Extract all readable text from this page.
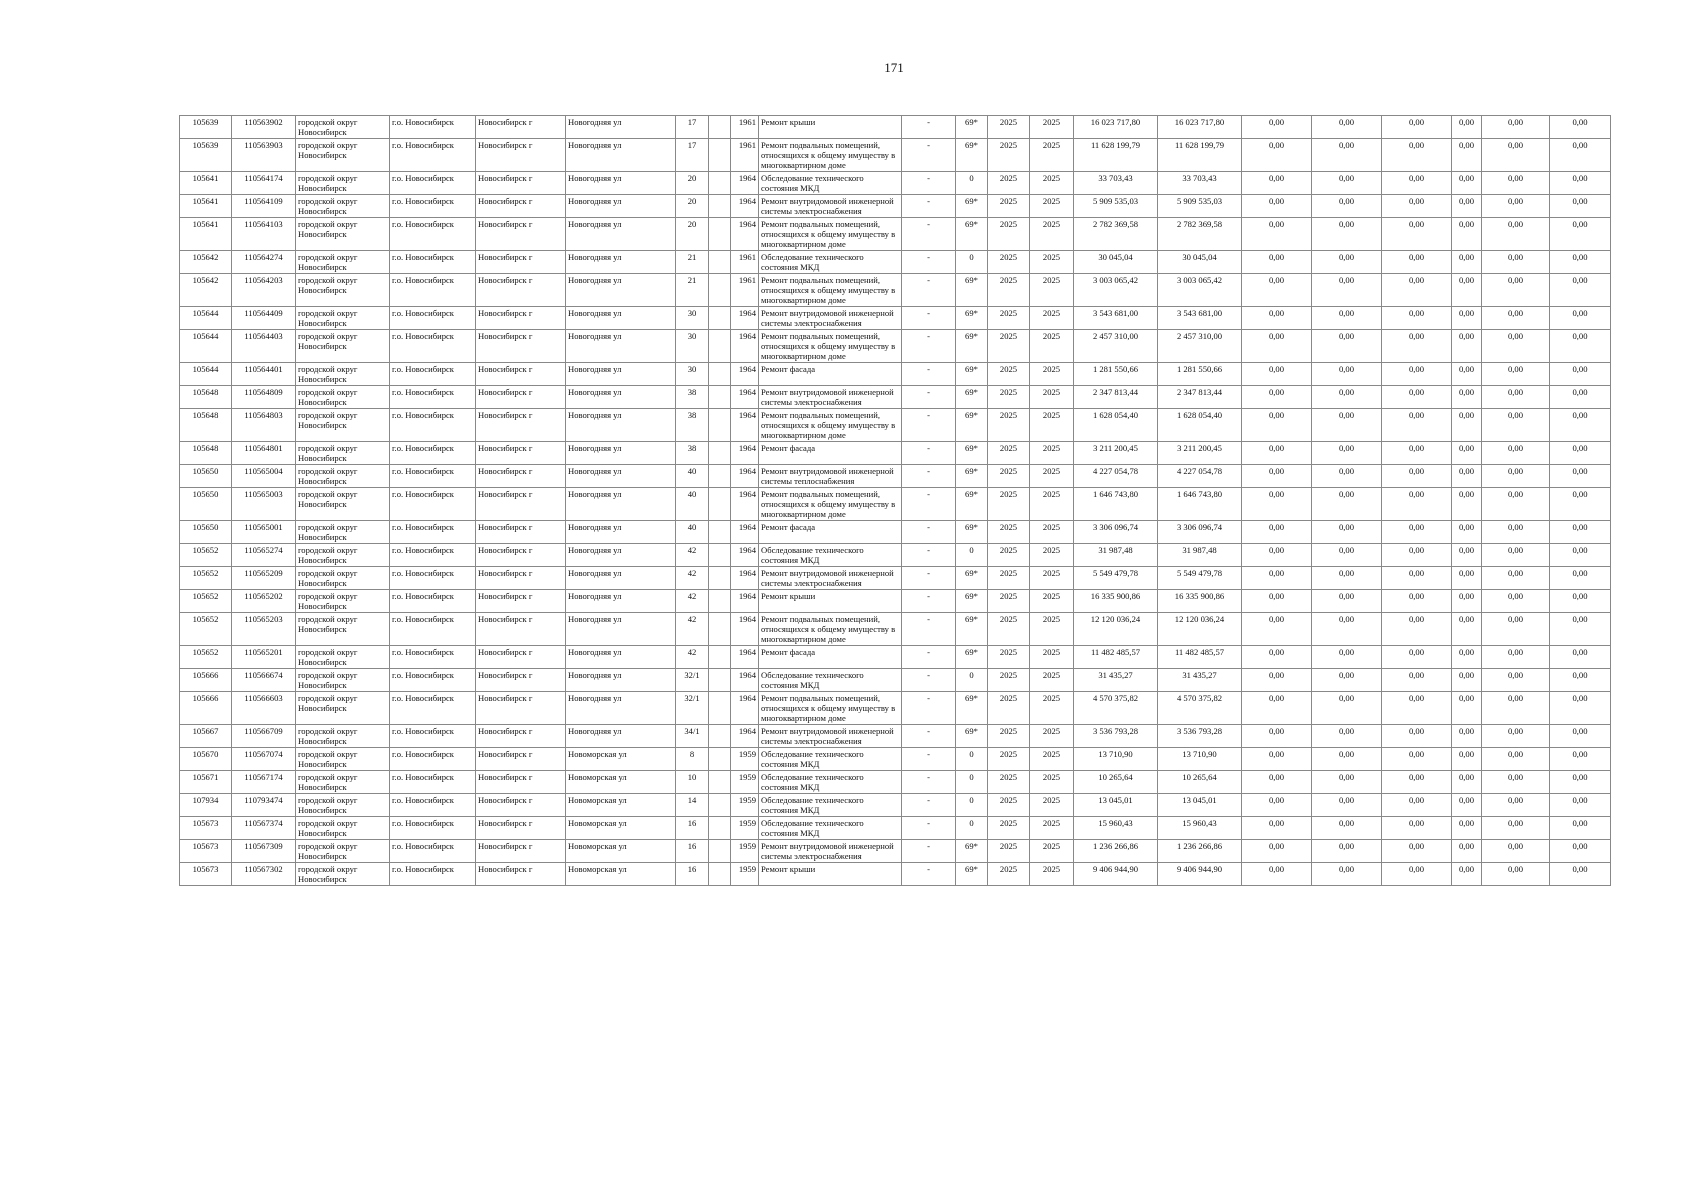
171
105639	110563902	городской округ Новосибирск	г.о. Новосибирск	Новосибирск г	Новогодняя ул	17		1961	Ремонт крыши	-	69*	2025	2025	16 023 717,80	16 023 717,80	0,00	0,00	0,00	0,00	0,00	0,00
105639	110563903	городской округ Новосибирск	г.о. Новосибирск	Новосибирск г	Новогодняя ул	17		1961	Ремонт подвальных помещений, относящихся к общему имуществу в многоквартирном доме	-	69*	2025	2025	11 628 199,79	11 628 199,79	0,00	0,00	0,00	0,00	0,00	0,00
105641	110564174	городской округ Новосибирск	г.о. Новосибирск	Новосибирск г	Новогодняя ул	20		1964	Обследование технического состояния МКД	-	0	2025	2025	33 703,43	33 703,43	0,00	0,00	0,00	0,00	0,00	0,00
105641	110564109	городской округ Новосибирск	г.о. Новосибирск	Новосибирск г	Новогодняя ул	20		1964	Ремонт внутридомовой инженерной системы электроснабжения	-	69*	2025	2025	5 909 535,03	5 909 535,03	0,00	0,00	0,00	0,00	0,00	0,00
105641	110564103	городской округ Новосибирск	г.о. Новосибирск	Новосибирск г	Новогодняя ул	20		1964	Ремонт подвальных помещений, относящихся к общему имуществу в многоквартирном доме	-	69*	2025	2025	2 782 369,58	2 782 369,58	0,00	0,00	0,00	0,00	0,00	0,00
105642	110564274	городской округ Новосибирск	г.о. Новосибирск	Новосибирск г	Новогодняя ул	21		1961	Обследование технического состояния МКД	-	0	2025	2025	30 045,04	30 045,04	0,00	0,00	0,00	0,00	0,00	0,00
105642	110564203	городской округ Новосибирск	г.о. Новосибирск	Новосибирск г	Новогодняя ул	21		1961	Ремонт подвальных помещений, относящихся к общему имуществу в многоквартирном доме	-	69*	2025	2025	3 003 065,42	3 003 065,42	0,00	0,00	0,00	0,00	0,00	0,00
105644	110564409	городской округ Новосибирск	г.о. Новосибирск	Новосибирск г	Новогодняя ул	30		1964	Ремонт внутридомовой инженерной системы электроснабжения	-	69*	2025	2025	3 543 681,00	3 543 681,00	0,00	0,00	0,00	0,00	0,00	0,00
105644	110564403	городской округ Новосибирск	г.о. Новосибирск	Новосибирск г	Новогодняя ул	30		1964	Ремонт подвальных помещений, относящихся к общему имуществу в многоквартирном доме	-	69*	2025	2025	2 457 310,00	2 457 310,00	0,00	0,00	0,00	0,00	0,00	0,00
105644	110564401	городской округ Новосибирск	г.о. Новосибирск	Новосибирск г	Новогодняя ул	30		1964	Ремонт фасада	-	69*	2025	2025	1 281 550,66	1 281 550,66	0,00	0,00	0,00	0,00	0,00	0,00
105648	110564809	городской округ Новосибирск	г.о. Новосибирск	Новосибирск г	Новогодняя ул	38		1964	Ремонт внутридомовой инженерной системы электроснабжения	-	69*	2025	2025	2 347 813,44	2 347 813,44	0,00	0,00	0,00	0,00	0,00	0,00
105648	110564803	городской округ Новосибирск	г.о. Новосибирск	Новосибирск г	Новогодняя ул	38		1964	Ремонт подвальных помещений, относящихся к общему имуществу в многоквартирном доме	-	69*	2025	2025	1 628 054,40	1 628 054,40	0,00	0,00	0,00	0,00	0,00	0,00
105648	110564801	городской округ Новосибирск	г.о. Новосибирск	Новосибирск г	Новогодняя ул	38		1964	Ремонт фасада	-	69*	2025	2025	3 211 200,45	3 211 200,45	0,00	0,00	0,00	0,00	0,00	0,00
105650	110565004	городской округ Новосибирск	г.о. Новосибирск	Новосибирск г	Новогодняя ул	40		1964	Ремонт внутридомовой инженерной системы теплоснабжения	-	69*	2025	2025	4 227 054,78	4 227 054,78	0,00	0,00	0,00	0,00	0,00	0,00
105650	110565003	городской округ Новосибирск	г.о. Новосибирск	Новосибирск г	Новогодняя ул	40		1964	Ремонт подвальных помещений, относящихся к общему имуществу в многоквартирном доме	-	69*	2025	2025	1 646 743,80	1 646 743,80	0,00	0,00	0,00	0,00	0,00	0,00
105650	110565001	городской округ Новосибирск	г.о. Новосибирск	Новосибирск г	Новогодняя ул	40		1964	Ремонт фасада	-	69*	2025	2025	3 306 096,74	3 306 096,74	0,00	0,00	0,00	0,00	0,00	0,00
105652	110565274	городской округ Новосибирск	г.о. Новосибирск	Новосибирск г	Новогодняя ул	42		1964	Обследование технического состояния МКД	-	0	2025	2025	31 987,48	31 987,48	0,00	0,00	0,00	0,00	0,00	0,00
105652	110565209	городской округ Новосибирск	г.о. Новосибирск	Новосибирск г	Новогодняя ул	42		1964	Ремонт внутридомовой инженерной системы электроснабжения	-	69*	2025	2025	5 549 479,78	5 549 479,78	0,00	0,00	0,00	0,00	0,00	0,00
105652	110565202	городской округ Новосибирск	г.о. Новосибирск	Новосибирск г	Новогодняя ул	42		1964	Ремонт крыши	-	69*	2025	2025	16 335 900,86	16 335 900,86	0,00	0,00	0,00	0,00	0,00	0,00
105652	110565203	городской округ Новосибирск	г.о. Новосибирск	Новосибирск г	Новогодняя ул	42		1964	Ремонт подвальных помещений, относящихся к общему имуществу в многоквартирном доме	-	69*	2025	2025	12 120 036,24	12 120 036,24	0,00	0,00	0,00	0,00	0,00	0,00
105652	110565201	городской округ Новосибирск	г.о. Новосибирск	Новосибирск г	Новогодняя ул	42		1964	Ремонт фасада	-	69*	2025	2025	11 482 485,57	11 482 485,57	0,00	0,00	0,00	0,00	0,00	0,00
105666	110566674	городской округ Новосибирск	г.о. Новосибирск	Новосибирск г	Новогодняя ул	32/1		1964	Обследование технического состояния МКД	-	0	2025	2025	31 435,27	31 435,27	0,00	0,00	0,00	0,00	0,00	0,00
105666	110566603	городской округ Новосибирск	г.о. Новосибирск	Новосибирск г	Новогодняя ул	32/1		1964	Ремонт подвальных помещений, относящихся к общему имуществу в многоквартирном доме	-	69*	2025	2025	4 570 375,82	4 570 375,82	0,00	0,00	0,00	0,00	0,00	0,00
105667	110566709	городской округ Новосибирск	г.о. Новосибирск	Новосибирск г	Новогодняя ул	34/1		1964	Ремонт внутридомовой инженерной системы электроснабжения	-	69*	2025	2025	3 536 793,28	3 536 793,28	0,00	0,00	0,00	0,00	0,00	0,00
105670	110567074	городской округ Новосибирск	г.о. Новосибирск	Новосибирск г	Новоморская ул	8		1959	Обследование технического состояния МКД	-	0	2025	2025	13 710,90	13 710,90	0,00	0,00	0,00	0,00	0,00	0,00
105671	110567174	городской округ Новосибирск	г.о. Новосибирск	Новосибирск г	Новоморская ул	10		1959	Обследование технического состояния МКД	-	0	2025	2025	10 265,64	10 265,64	0,00	0,00	0,00	0,00	0,00	0,00
107934	110793474	городской округ Новосибирск	г.о. Новосибирск	Новосибирск г	Новоморская ул	14		1959	Обследование технического состояния МКД	-	0	2025	2025	13 045,01	13 045,01	0,00	0,00	0,00	0,00	0,00	0,00
105673	110567374	городской округ Новосибирск	г.о. Новосибирск	Новосибирск г	Новоморская ул	16		1959	Обследование технического состояния МКД	-	0	2025	2025	15 960,43	15 960,43	0,00	0,00	0,00	0,00	0,00	0,00
105673	110567309	городской округ Новосибирск	г.о. Новосибирск	Новосибирск г	Новоморская ул	16		1959	Ремонт внутридомовой инженерной системы электроснабжения	-	69*	2025	2025	1 236 266,86	1 236 266,86	0,00	0,00	0,00	0,00	0,00	0,00
105673	110567302	городской округ Новосибирск	г.о. Новосибирск	Новосибирск г	Новоморская ул	16		1959	Ремонт крыши	-	69*	2025	2025	9 406 944,90	9 406 944,90	0,00	0,00	0,00	0,00	0,00	0,00
